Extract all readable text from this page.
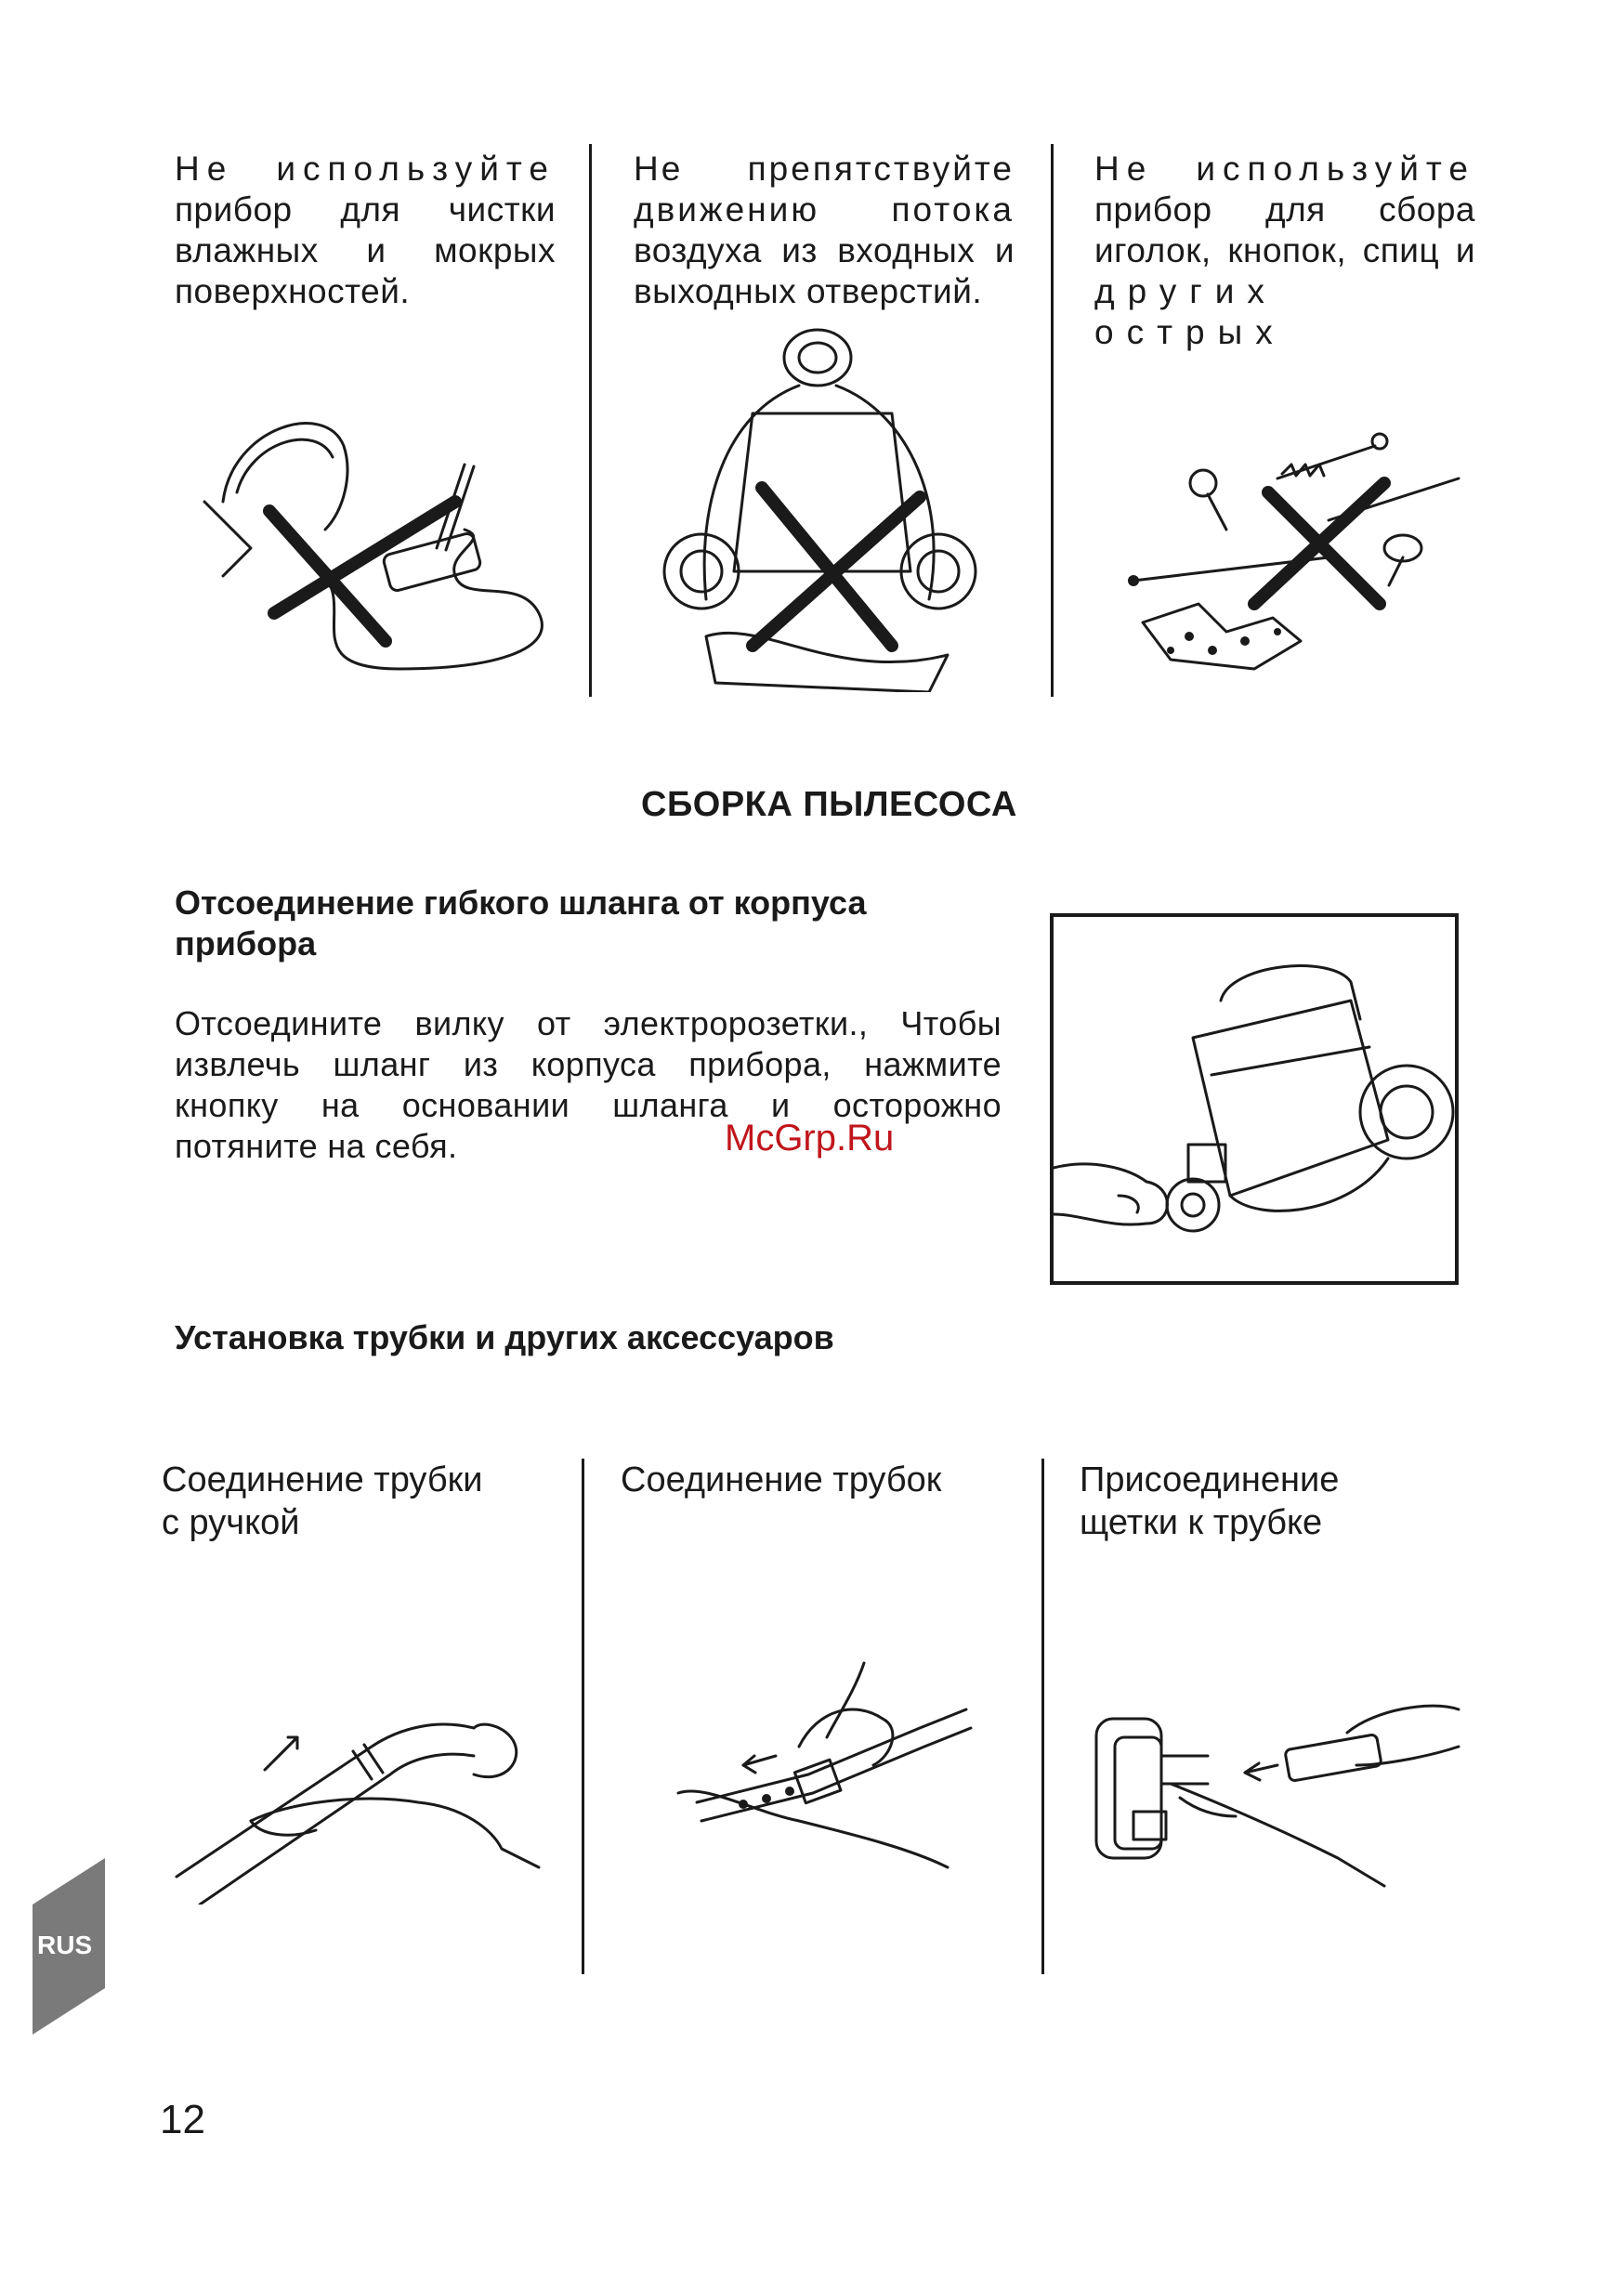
Не используйте
прибор для чистки
влажных и мокрых
поверхностей.
Не препятствуйте
движению потока
воздуха из входных и
выходных отверстий.
Не используйте
прибор для сбора
иголок, кнопок, спиц и
других острых
СБОРКА ПЫЛЕСОСА
Отсоединение гибкого шланга от корпуса
прибора
Отсоедините вилку от электророзетки., Чтобы
извлечь шланг из корпуса прибора, нажмите
кнопку на основании шланга и осторожно
потяните на себя.	McGrp.Ru
Установка трубки и других аксессуаров
Соединение трубки
с ручкой
Соединение трубок	Присоединение
щетки к трубке
RUS
12
